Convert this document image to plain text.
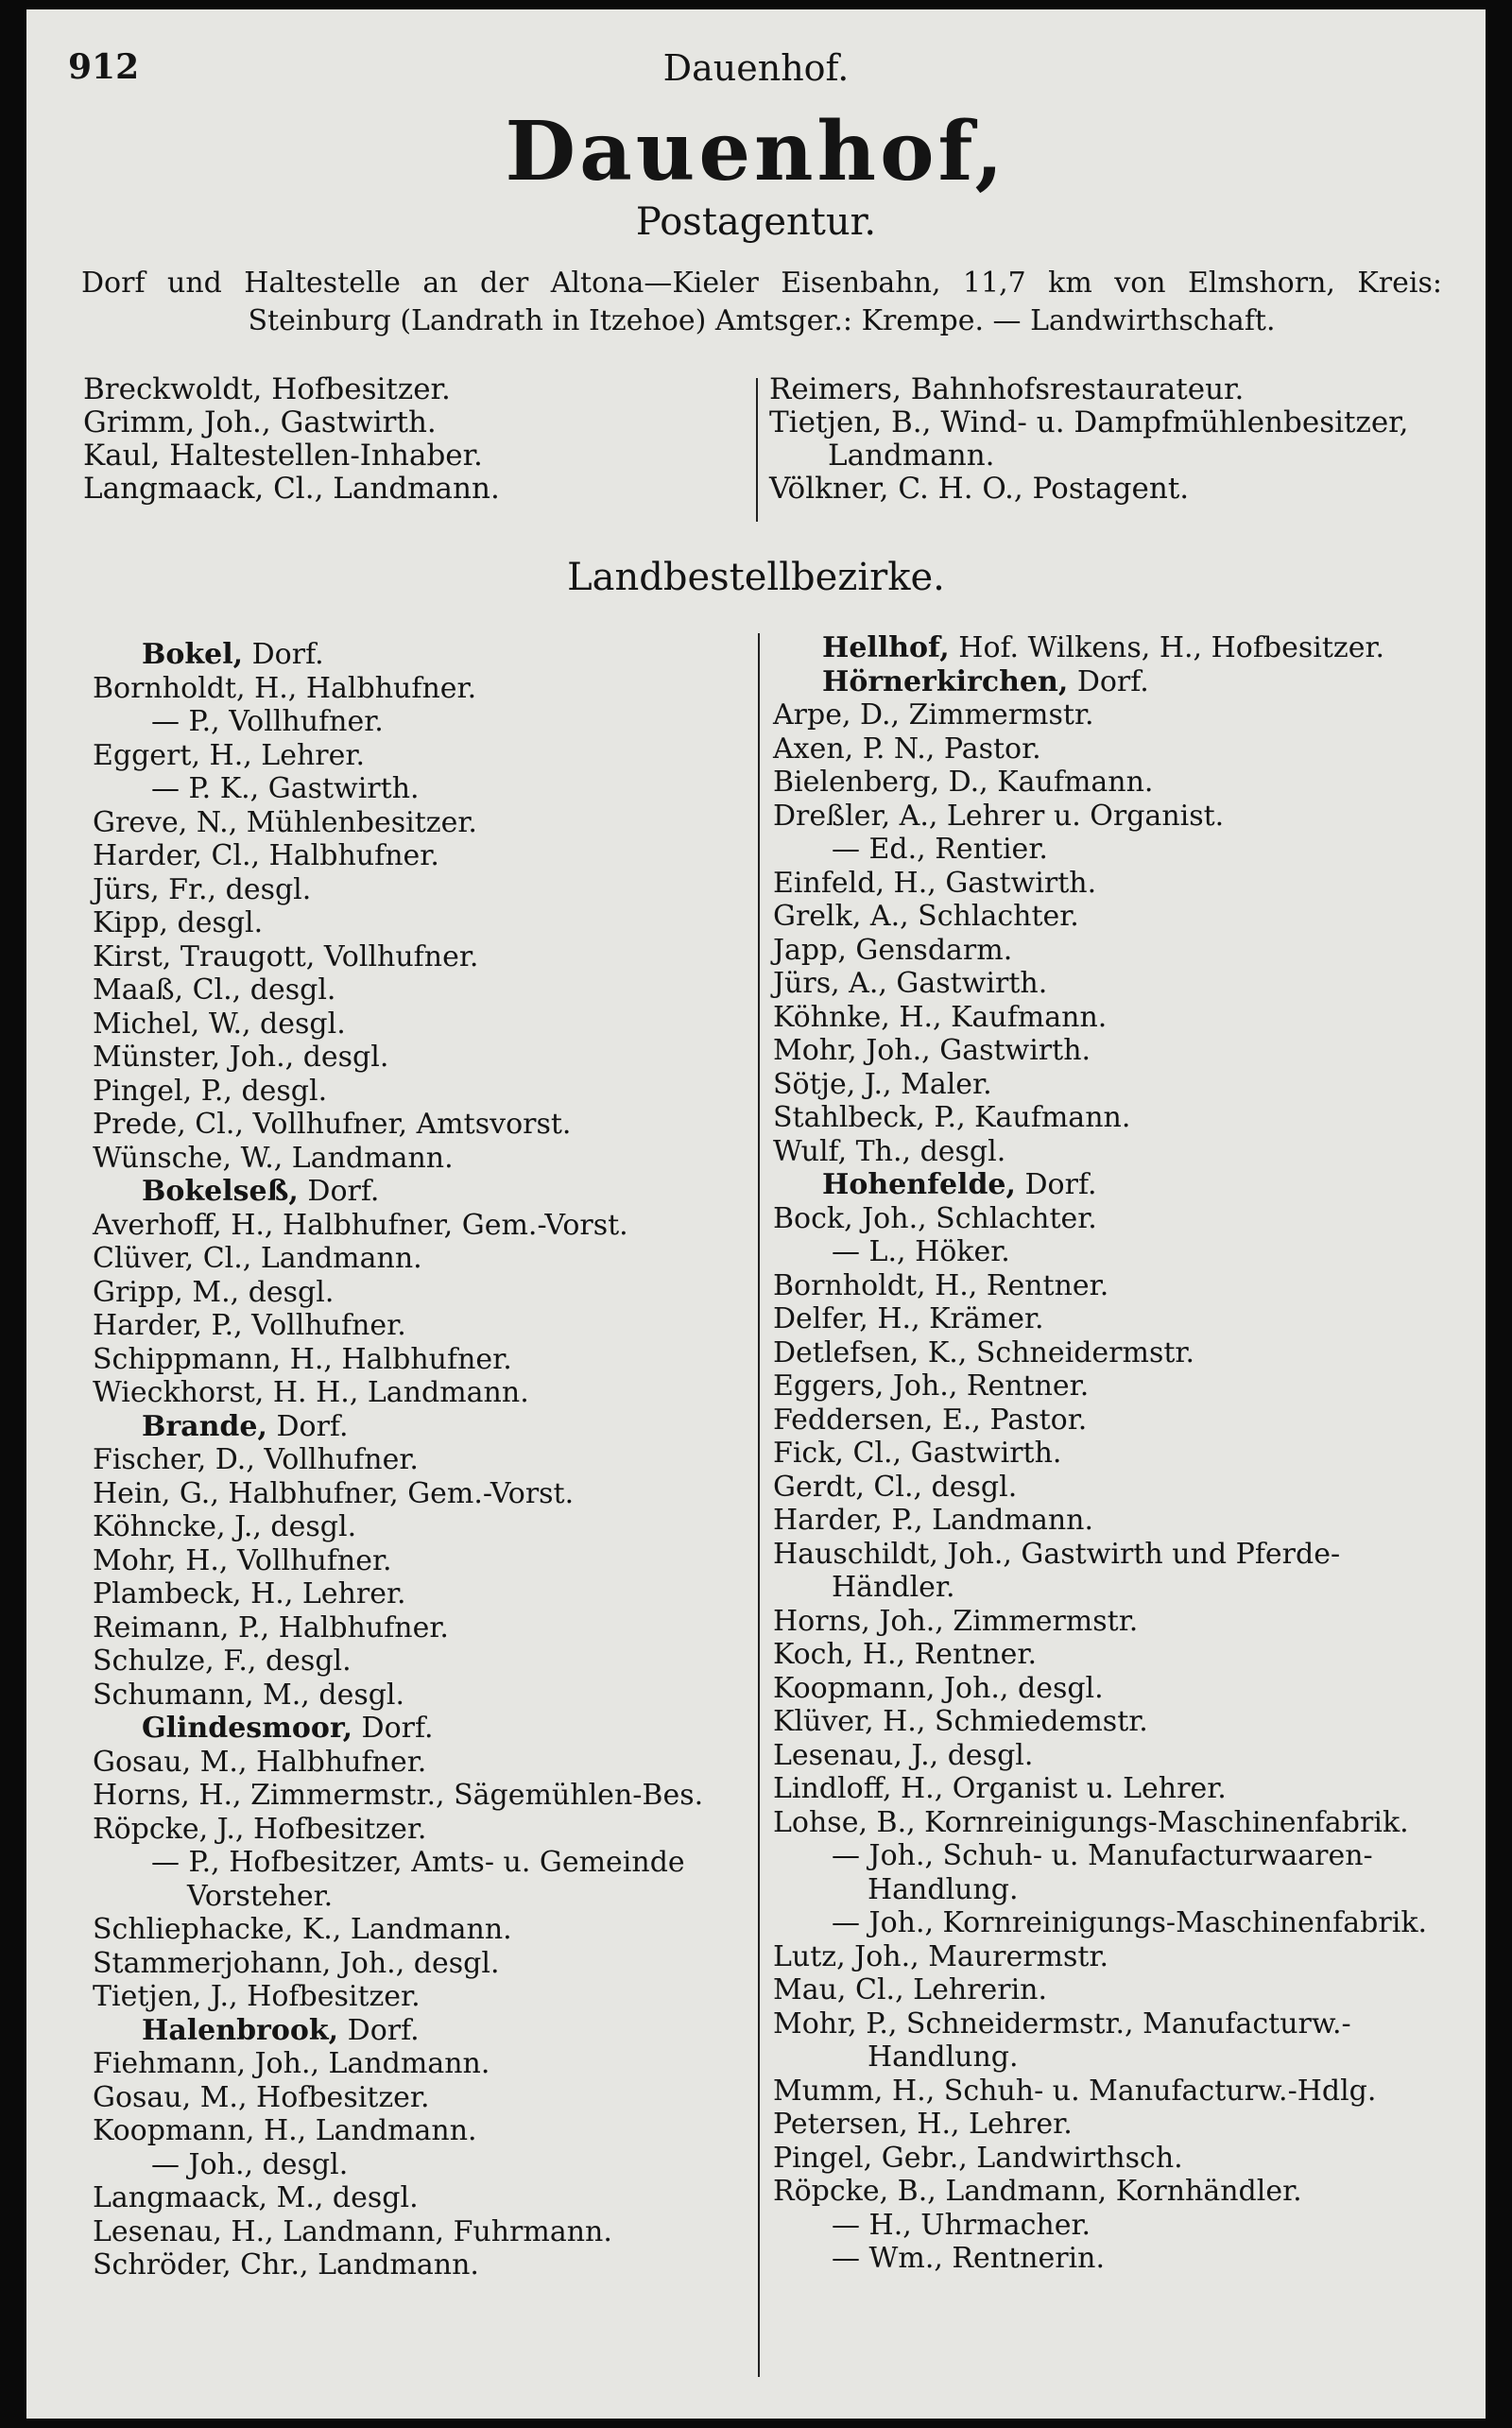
912	Dauenhof.
Dauenhof,
Postagentur.
Dorf und Haltestelle an der Altona—Kieler Eisenbahn, 11,7 km von Elmshorn, Kreis: Steinburg (Landrath in Itzehoe) Amtsger.: Krempe. — Landwirthschaft.
Breckwoldt, Hofbesitzer.
Grimm, Joh., Gastwirth.
Kaul, Haltestellen-Inhaber.
Langmaack, Cl., Landmann.
Reimers, Bahnhofsrestaurateur.
Tietjen, B., Wind- u. Dampfmühlenbesitzer,
Landmann.
Völkner, C. H. O., Postagent.
Landbestellbezirke.
Bokel, Dorf.
Bornholdt, H., Halbhufner.
— P., Vollhufner.
Eggert, H., Lehrer.
— P. K., Gastwirth.
Greve, N., Mühlenbesitzer.
Harder, Cl., Halbhufner.
Jürs, Fr., desgl.
Kipp, desgl.
Kirst, Traugott, Vollhufner.
Maaß, Cl., desgl.
Michel, W., desgl.
Münster, Joh., desgl.
Pingel, P., desgl.
Prede, Cl., Vollhufner, Amtsvorst.
Wünsche, W., Landmann.
Bokelseß, Dorf.
Averhoff, H., Halbhufner, Gem.-Vorst.
Clüver, Cl., Landmann.
Gripp, M., desgl.
Harder, P., Vollhufner.
Schippmann, H., Halbhufner.
Wieckhorst, H. H., Landmann.
Brande, Dorf.
Fischer, D., Vollhufner.
Hein, G., Halbhufner, Gem.-Vorst.
Köhncke, J., desgl.
Mohr, H., Vollhufner.
Plambeck, H., Lehrer.
Reimann, P., Halbhufner.
Schulze, F., desgl.
Schumann, M., desgl.
Glindesmoor, Dorf.
Gosau, M., Halbhufner.
Horns, H., Zimmermstr., Sägemühlen-Bes.
Röpcke, J., Hofbesitzer.
— P., Hofbesitzer, Amts- u. Gemeinde
Vorsteher.
Schliephacke, K., Landmann.
Stammerjohann, Joh., desgl.
Tietjen, J., Hofbesitzer.
Halenbrook, Dorf.
Fiehmann, Joh., Landmann.
Gosau, M., Hofbesitzer.
Koopmann, H., Landmann.
— Joh., desgl.
Langmaack, M., desgl.
Lesenau, H., Landmann, Fuhrmann.
Schröder, Chr., Landmann.
Hellhof, Hof. Wilkens, H., Hofbesitzer.
Hörnerkirchen, Dorf.
Arpe, D., Zimmermstr.
Axen, P. N., Pastor.
Bielenberg, D., Kaufmann.
Dreßler, A., Lehrer u. Organist.
— Ed., Rentier.
Einfeld, H., Gastwirth.
Grelk, A., Schlachter.
Japp, Gensdarm.
Jürs, A., Gastwirth.
Köhnke, H., Kaufmann.
Mohr, Joh., Gastwirth.
Sötje, J., Maler.
Stahlbeck, P., Kaufmann.
Wulf, Th., desgl.
Hohenfelde, Dorf.
Bock, Joh., Schlachter.
— L., Höker.
Bornholdt, H., Rentner.
Delfer, H., Krämer.
Detlefsen, K., Schneidermstr.
Eggers, Joh., Rentner.
Feddersen, E., Pastor.
Fick, Cl., Gastwirth.
Gerdt, Cl., desgl.
Harder, P., Landmann.
Hauschildt, Joh., Gastwirth und Pferde-
Händler.
Horns, Joh., Zimmermstr.
Koch, H., Rentner.
Koopmann, Joh., desgl.
Klüver, H., Schmiedemstr.
Lesenau, J., desgl.
Lindloff, H., Organist u. Lehrer.
Lohse, B., Kornreinigungs-Maschinenfabrik.
— Joh., Schuh- u. Manufacturwaaren-
Handlung.
— Joh., Kornreinigungs-Maschinenfabrik.
Lutz, Joh., Maurermstr.
Mau, Cl., Lehrerin.
Mohr, P., Schneidermstr., Manufacturw.-
Handlung.
Mumm, H., Schuh- u. Manufacturw.-Hdlg.
Petersen, H., Lehrer.
Pingel, Gebr., Landwirthsch.
Röpcke, B., Landmann, Kornhändler.
— H., Uhrmacher.
— Wm., Rentnerin.
